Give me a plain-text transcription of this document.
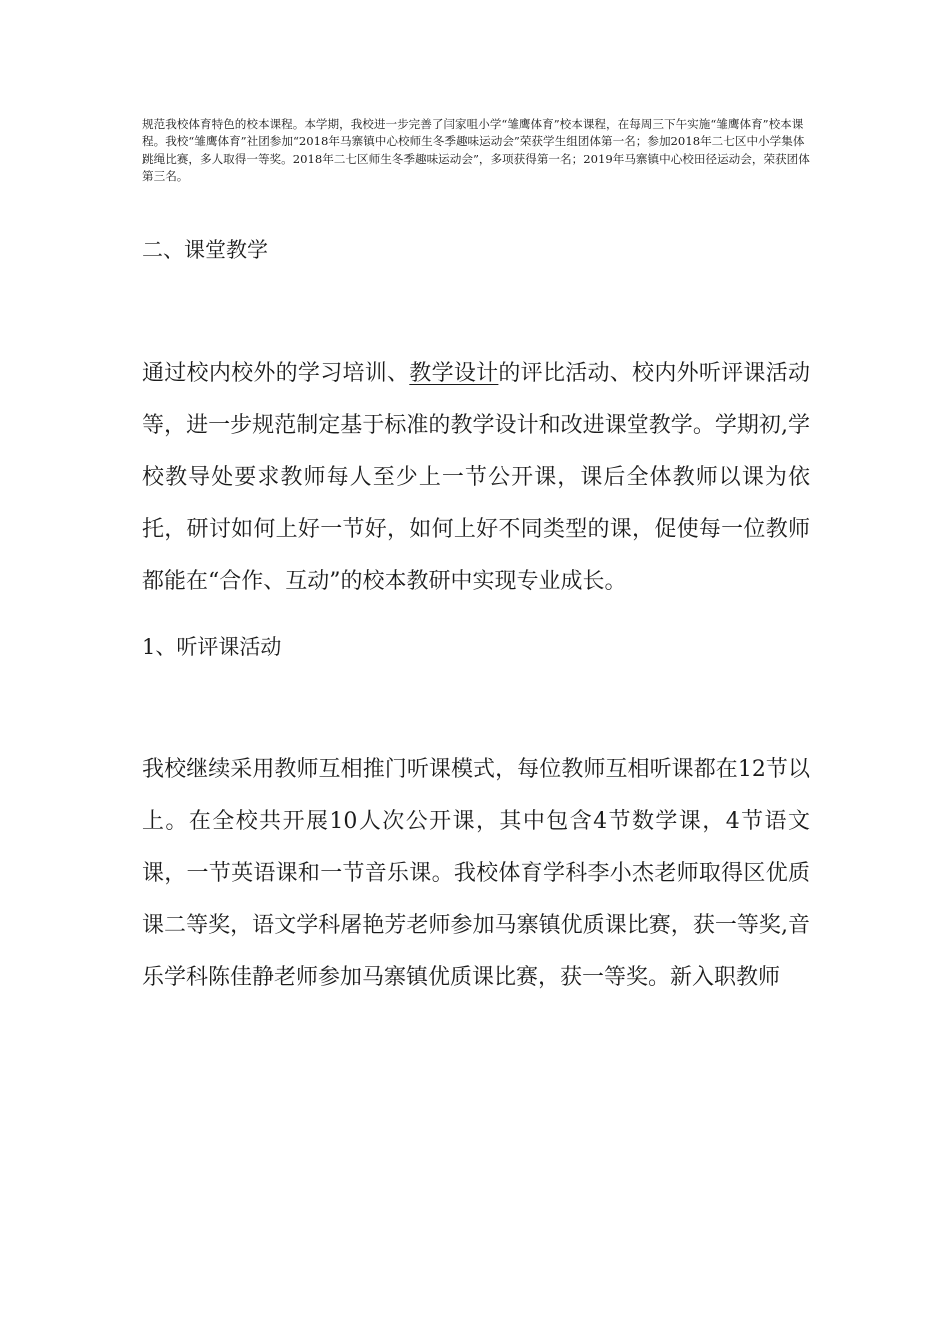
规范我校体育特色的校本课程。本学期，我校进一步完善了闫家咀小学“雏鹰体育”校本课程，在每周三下午实施“雏鹰体育”校本课程。我校“雏鹰体育”社团参加“2018年马寨镇中心校师生冬季趣味运动会”荣获学生组团体第一名；参加2018年二七区中小学集体跳绳比赛，多人取得一等奖。2018年二七区师生冬季趣味运动会”，多项获得第一名；2019年马寨镇中心校田径运动会，荣获团体第三名。

二、课堂教学

通过校内校外的学习培训、教学设计的评比活动、校内外听评课活动等，进一步规范制定基于标准的教学设计和改进课堂教学。学期初,学校教导处要求教师每人至少上一节公开课，课后全体教师以课为依托，研讨如何上好一节好，如何上好不同类型的课，促使每一位教师都能在“合作、互动”的校本教研中实现专业成长。

1、听评课活动

我校继续采用教师互相推门听课模式，每位教师互相听课都在12节以上。在全校共开展10人次公开课，其中包含4节数学课，4节语文课，一节英语课和一节音乐课。我校体育学科李小杰老师取得区优质课二等奖，语文学科屠艳芳老师参加马寨镇优质课比赛，获一等奖,音乐学科陈佳静老师参加马寨镇优质课比赛，获一等奖。新入职教师
